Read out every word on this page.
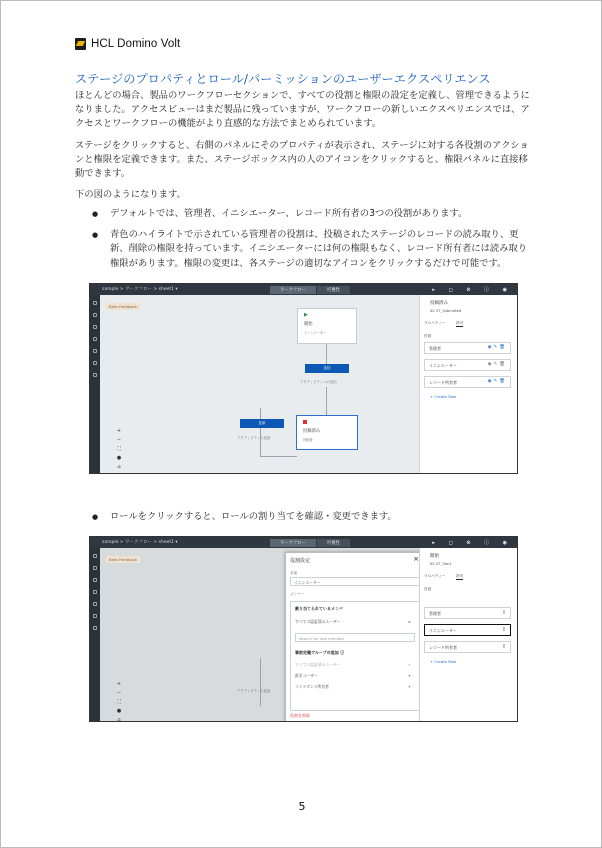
HCL Domino Volt
ステージのプロパティとロール/パーミッションのユーザーエクスペリエンス
ほとんどの場合、製品のワークフローセクションで、すべての役割と権限の設定を定義し、管理できるようになりました。アクセスビューはまだ製品に残っていますが、ワークフローの新しいエクスペリエンスでは、アクセスとワークフローの機能がより直感的な方法でまとめられています。
ステージをクリックすると、右側のパネルにそのプロパティが表示され、ステージに対する各役割のアクションと権限を定義できます。また、ステージボックス内の人のアイコンをクリックすると、権限パネルに直接移動できます。
下の図のようになります。
● デフォルトでは、管理者、イニシエーター、レコード所有者の3つの役割があります。
● 青色のハイライトで示されている管理者の役割は、投稿されたステージのレコードの読み取り、更新、削除の権限を持っています。イニシエーターには何の権限もなく、レコード所有者には読み取り権限があります。権限の変更は、各ステージの適切なアイコンをクリックするだけで可能です。
sample > ワークフロー > sheet1 ▾	ワークフロー	可視性	▸ ◻ ⊗ ⓘ ◉
Beta Feedback
▶
開始
イニシエーター
送信
アクティビティへの送信
更新
アクティビティの追加
投稿済み
投稿後
+
−
⛶
●
⌂
投稿済み
ID: ST_Submitted
プロパティー	許可
役割
管理者	◉✎🗑
イニシエーター	◉✎🗑
レコード所有者	◉✎🗑
+ Create Role
● ロールをクリックすると、ロールの割り当てを確認・変更できます。
sample > ワークフロー > sheet1 ▾	ワークフロー	可視性	▸ ◻ ⊗ ⓘ ◉
Beta Feedback
アクティビティの追加
+
−
⛶
●
⌂
役割設定	×
名前
イニシエーター
メンバー
割り当てられているメンバ
すべての認証済みユーザー	×
Search for role member
事前定義グループの追加 ⓘ
すべての認証済みユーザー	+
匿名ユーザー	+
インスタンス所有者	+
役割を削除
開始
ID: ST_Start
プロパティー	許可
役割
管理者	▯
イニシエーター	▯
レコード所有者	▯
+ Create Role
5
